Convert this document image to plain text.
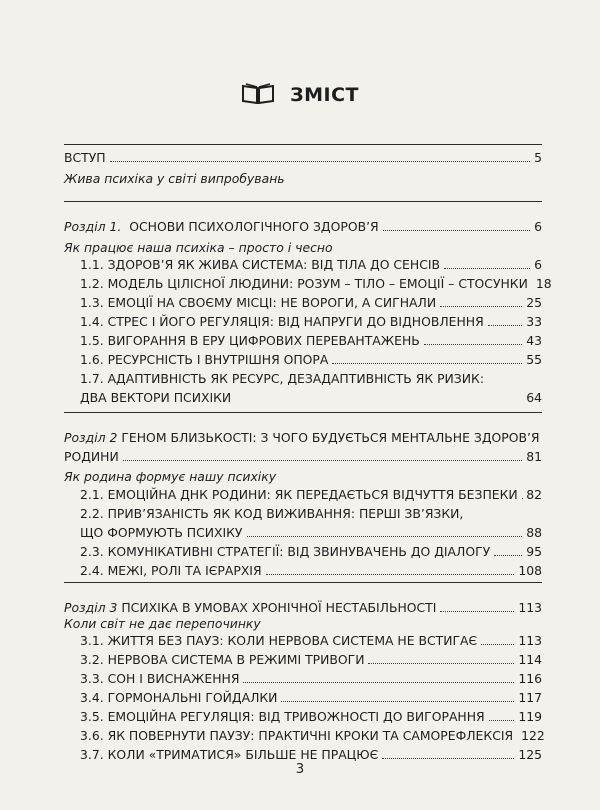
ЗМІСТ
ВСТУП	5
Жива психіка у світі випробувань
Розділ 1. ОСНОВИ ПСИХОЛОГІЧНОГО ЗДОРОВ’Я	6
Як працює наша психіка – просто і чесно
1.1. ЗДОРОВ’Я ЯК ЖИВА СИСТЕМА: ВІД ТІЛА ДО СЕНСІВ	6
1.2. МОДЕЛЬ ЦІЛІСНОЇ ЛЮДИНИ: РОЗУМ – ТІЛО – ЕМОЦІЇ – СТОСУНКИ 18
1.3. ЕМОЦІЇ НА СВОЄМУ МІСЦІ: НЕ ВОРОГИ, А СИГНАЛИ	25
1.4. СТРЕС І ЙОГО РЕГУЛЯЦІЯ: ВІД НАПРУГИ ДО ВІДНОВЛЕННЯ	33
1.5. ВИГОРАННЯ В ЕРУ ЦИФРОВИХ ПЕРЕВАНТАЖЕНЬ	43
1.6. РЕСУРСНІСТЬ І ВНУТРІШНЯ ОПОРА	55
1.7. АДАПТИВНІСТЬ ЯК РЕСУРС, ДЕЗАДАПТИВНІСТЬ ЯК РИЗИК:
ДВА ВЕКТОРИ ПСИХІКИ	64
Розділ 2 ГЕНОМ БЛИЗЬКОСТІ: З ЧОГО БУДУЄТЬСЯ МЕНТАЛЬНЕ ЗДОРОВ’Я
РОДИНИ	81
Як родина формує нашу психіку
2.1. ЕМОЦІЙНА ДНК РОДИНИ: ЯК ПЕРЕДАЄТЬСЯ ВІДЧУТТЯ БЕЗПЕКИ 82
2.2. ПРИВ’ЯЗАНІСТЬ ЯК КОД ВИЖИВАННЯ: ПЕРШІ ЗВ’ЯЗКИ,
ЩО ФОРМУЮТЬ ПСИХІКУ	88
2.3. КОМУНІКАТИВНІ СТРАТЕГІЇ: ВІД ЗВИНУВАЧЕНЬ ДО ДІАЛОГУ	95
2.4. МЕЖІ, РОЛІ ТА ІЄРАРХІЯ	108
Розділ 3 ПСИХІКА В УМОВАХ ХРОНІЧНОЇ НЕСТАБІЛЬНОСТІ	113
Коли світ не дає перепочинку
3.1. ЖИТТЯ БЕЗ ПАУЗ: КОЛИ НЕРВОВА СИСТЕМА НЕ ВСТИГАЄ	113
3.2. НЕРВОВА СИСТЕМА В РЕЖИМІ ТРИВОГИ	114
3.3. СОН І ВИСНАЖЕННЯ	116
3.4. ГОРМОНАЛЬНІ ГОЙДАЛКИ	117
3.5. ЕМОЦІЙНА РЕГУЛЯЦІЯ: ВІД ТРИВОЖНОСТІ ДО ВИГОРАННЯ	119
3.6. ЯК ПОВЕРНУТИ ПАУЗУ: ПРАКТИЧНІ КРОКИ ТА САМОРЕФЛЕКСІЯ 122
3.7. КОЛИ «ТРИМАТИСЯ» БІЛЬШЕ НЕ ПРАЦЮЄ	125
3
